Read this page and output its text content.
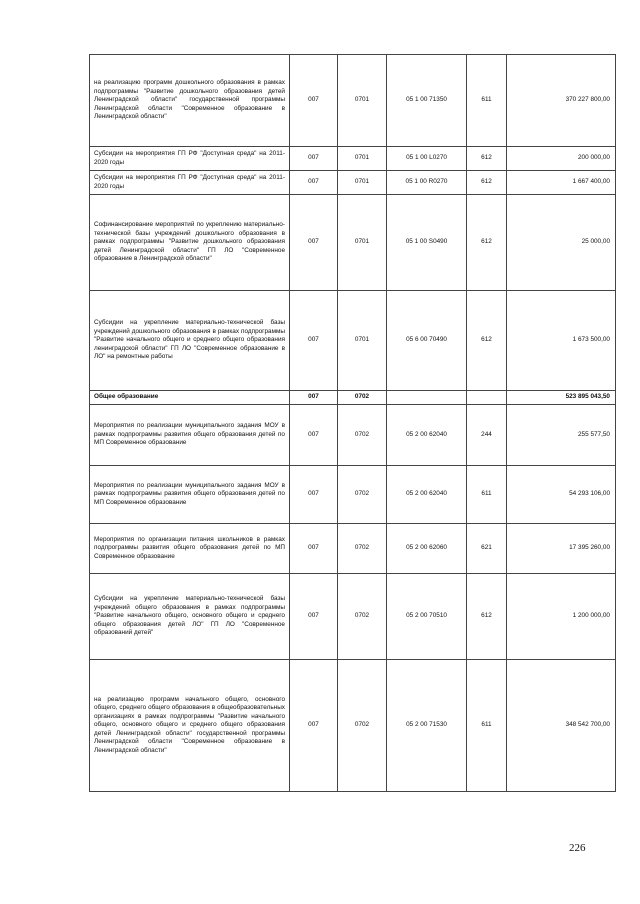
на реализацию программ дошкольного образования в рамках подпрограммы "Развитие дошкольного образования детей Ленинградской области" государственной программы Ленинградской области "Современное образование в Ленинградской области"	007	0701	05 1 00 71350	611	370 227 800,00
Субсидии на мероприятия ГП РФ "Доступная среда" на 2011-2020 годы	007	0701	05 1 00 L0270	612	200 000,00
Субсидии на мероприятия ГП РФ "Доступная среда" на 2011-2020 годы	007	0701	05 1 00 R0270	612	1 667 400,00
Софинансирование мероприятий по укреплению материально-технической базы учреждений дошкольного образования в рамках подпрограммы "Развитие дошкольного образования детей Ленинградской области" ГП ЛО "Современное образование в Ленинградской области"	007	0701	05 1 00 S0490	612	25 000,00
Субсидии на укрепление материально-технической базы учреждений дошкольного образования в рамках подпрограммы "Развитие начального общего и среднего общего образования ленинградской области" ГП ЛО "Современное образование в ЛО" на ремонтные работы	007	0701	05 6 00 70490	612	1 673 500,00
Общее образование	007	0702			523 895 043,50
Мероприятия по реализации муниципального задания МОУ в рамках подпрограммы развития общего образования детей по МП Современное образование	007	0702	05 2 00 62040	244	255 577,50
Мероприятия по реализации муниципального задания МОУ в рамках подпрограммы развития общего образования детей по МП Современное образование	007	0702	05 2 00 62040	611	54 293 106,00
Мероприятия по организации питания школьников в рамках подпрограммы развития общего образования детей по МП Современное образование	007	0702	05 2 00 62060	621	17 395 260,00
Субсидии на укрепление материально-технической базы учреждений общего образования в рамках подпрограммы "Развитие начального общего, основного общего и среднего общего образования детей ЛО" ГП ЛО "Современное образований детей"	007	0702	05 2 00 70510	612	1 200 000,00
на реализацию программ начального общего, основного общего, среднего общего образования в общеобразовательных организациях в рамках подпрограммы "Развитие начального общего, основного общего и среднего общего образования детей Ленинградской области" государственной программы Ленинградской области "Современное образование в Ленинградской области"	007	0702	05 2 00 71530	611	348 542 700,00
226
